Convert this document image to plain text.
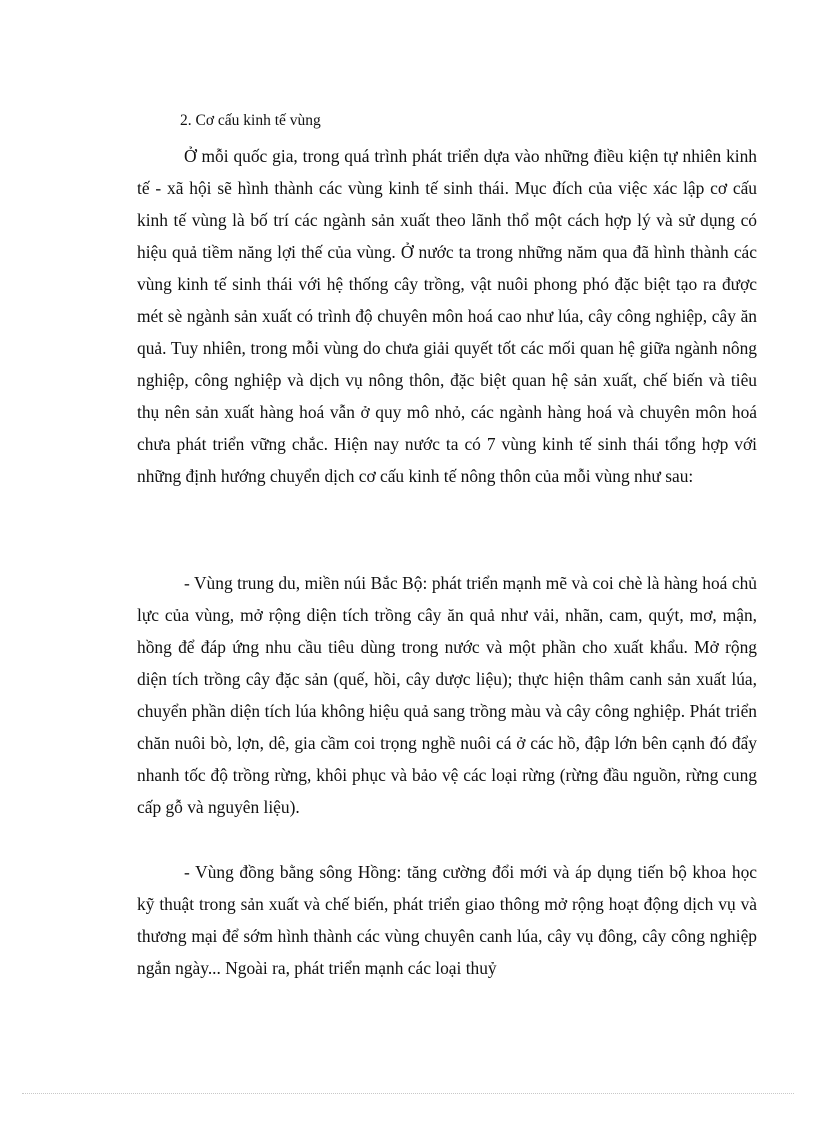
2. Cơ cấu kinh tế vùng

Ở mỗi quốc gia, trong quá trình phát triển dựa vào những điều kiện tự nhiên kinh tế - xã hội sẽ hình thành các vùng kinh tế sinh thái. Mục đích của việc xác lập cơ cấu kinh tế vùng là bố trí các ngành sản xuất theo lãnh thổ một cách hợp lý và sử dụng có hiệu quả tiềm năng lợi thế của vùng. Ở nước ta trong những năm qua đã hình thành các vùng kinh tế sinh thái với hệ thống cây trồng, vật nuôi phong phó đặc biệt tạo ra được mét sè ngành sản xuất có trình độ chuyên môn hoá cao như lúa, cây công nghiệp, cây ăn quả. Tuy nhiên, trong mỗi vùng do chưa giải quyết tốt các mối quan hệ giữa ngành nông nghiệp, công nghiệp và dịch vụ nông thôn, đặc biệt quan hệ sản xuất, chế biến và tiêu thụ nên sản xuất hàng hoá vẫn ở quy mô nhỏ, các ngành hàng hoá và chuyên môn hoá chưa phát triển vững chắc. Hiện nay nước ta có 7 vùng kinh tế sinh thái tổng hợp với những định hướng chuyển dịch cơ cấu kinh tế nông thôn của mỗi vùng như sau:

- Vùng trung du, miền núi Bắc Bộ: phát triển mạnh mẽ và coi chè là hàng hoá chủ lực của vùng, mở rộng diện tích trồng cây ăn quả như vải, nhãn, cam, quýt, mơ, mận, hồng để đáp ứng nhu cầu tiêu dùng trong nước và một phần cho xuất khẩu. Mở rộng diện tích trồng cây đặc sản (quế, hồi, cây dược liệu); thực hiện thâm canh sản xuất lúa, chuyển phần diện tích lúa không hiệu quả sang trồng màu và cây công nghiệp. Phát triển chăn nuôi bò, lợn, dê, gia cầm coi trọng nghề nuôi cá ở các hồ, đập lớn bên cạnh đó đẩy nhanh tốc độ trồng rừng, khôi phục và bảo vệ các loại rừng (rừng đầu nguồn, rừng cung cấp gỗ và nguyên liệu).

- Vùng đồng bằng sông Hồng: tăng cường đổi mới và áp dụng tiến bộ khoa học kỹ thuật trong sản xuất và chế biến, phát triển giao thông mở rộng hoạt động dịch vụ và thương mại để sớm hình thành các vùng chuyên canh lúa, cây vụ đông, cây công nghiệp ngắn ngày... Ngoài ra, phát triển mạnh các loại thuỷ
